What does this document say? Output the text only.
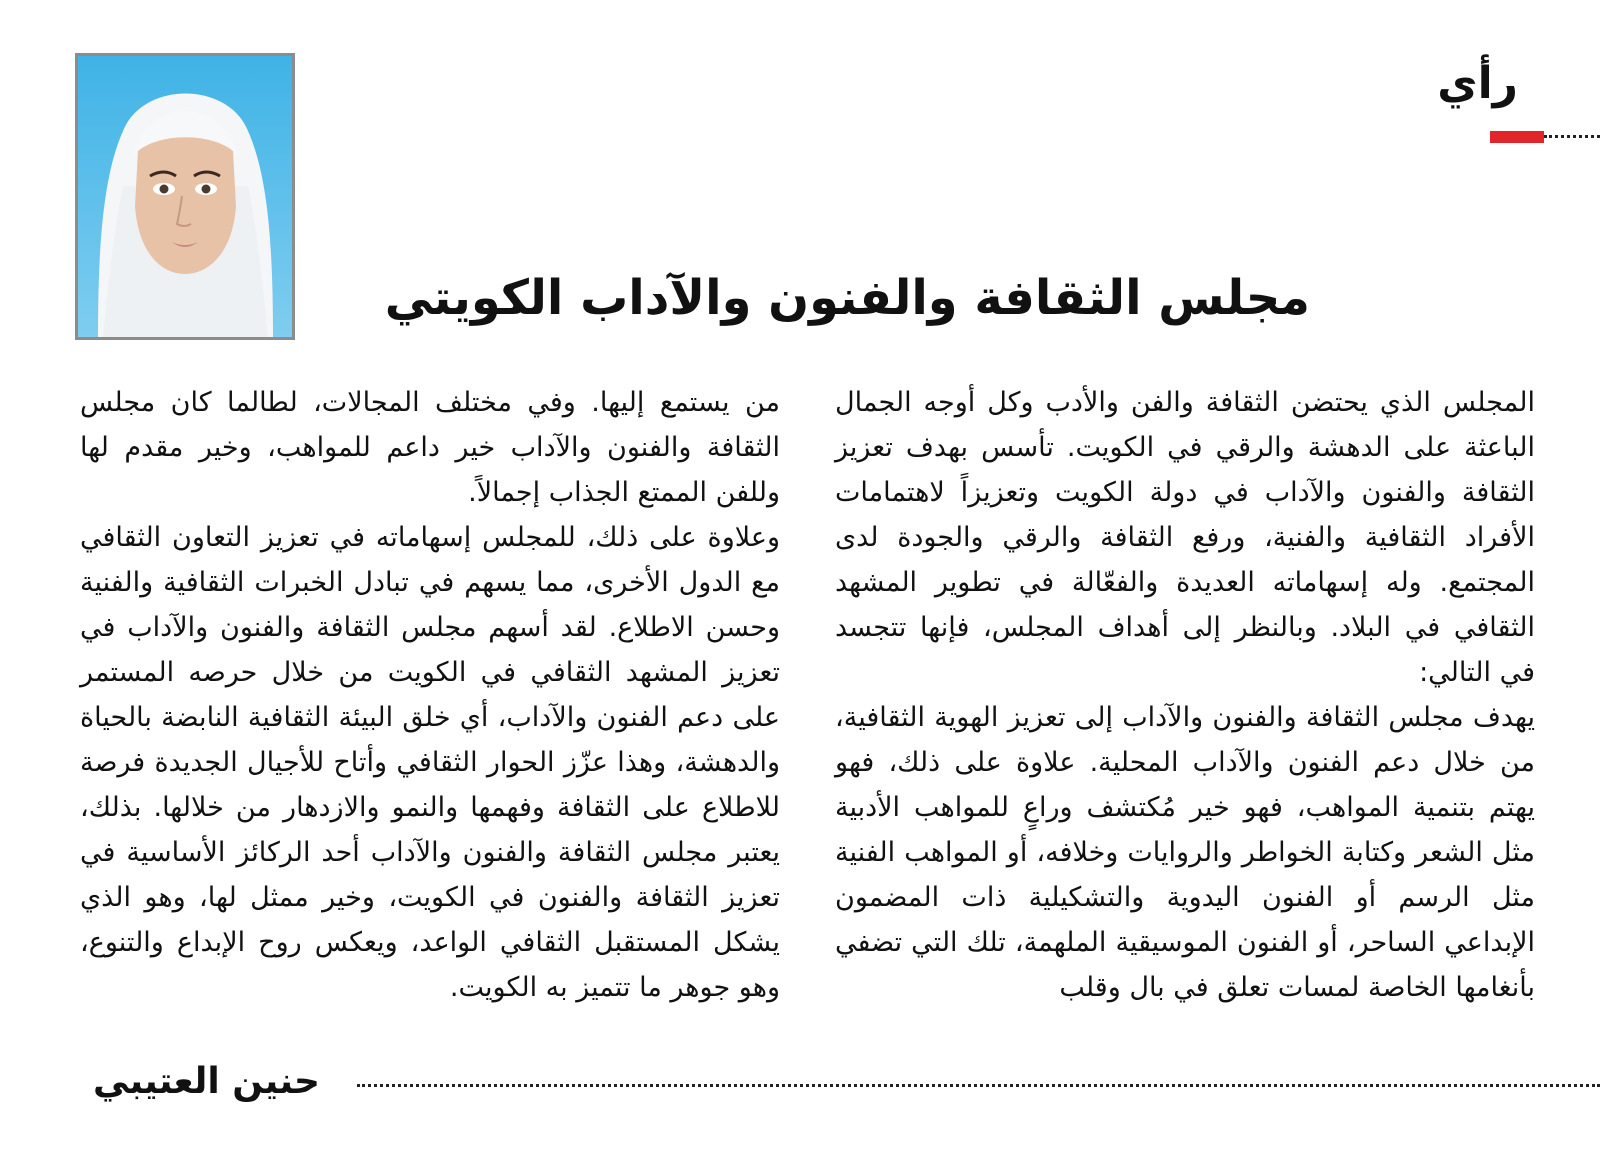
رأي
مجلس الثقافة والفنون والآداب الكويتي

المجلس الذي يحتضن الثقافة والفن والأدب وكل أوجه الجمال الباعثة على الدهشة والرقي في الكويت. تأسس بهدف تعزيز الثقافة والفنون والآداب في دولة الكويت وتعزيزاً لاهتمامات الأفراد الثقافية والفنية، ورفع الثقافة والرقي والجودة لدى المجتمع. وله إسهاماته العديدة والفعّالة في تطوير المشهد الثقافي في البلاد. وبالنظر إلى أهداف المجلس، فإنها تتجسد في التالي:

يهدف مجلس الثقافة والفنون والآداب إلى تعزيز الهوية الثقافية، من خلال دعم الفنون والآداب المحلية. علاوة على ذلك، فهو يهتم بتنمية المواهب، فهو خير مُكتشف وراعٍ للمواهب الأدبية مثل الشعر وكتابة الخواطر والروايات وخلافه، أو المواهب الفنية مثل الرسم أو الفنون اليدوية والتشكيلية ذات المضمون الإبداعي الساحر، أو الفنون الموسيقية الملهمة، تلك التي تضفي بأنغامها الخاصة لمسات تعلق في بال وقلب

من يستمع إليها. وفي مختلف المجالات، لطالما كان مجلس الثقافة والفنون والآداب خير داعم للمواهب، وخير مقدم لها وللفن الممتع الجذاب إجمالاً.

وعلاوة على ذلك، للمجلس إسهاماته في تعزيز التعاون الثقافي مع الدول الأخرى، مما يسهم في تبادل الخبرات الثقافية والفنية وحسن الاطلاع. لقد أسهم مجلس الثقافة والفنون والآداب في تعزيز المشهد الثقافي في الكويت من خلال حرصه المستمر على دعم الفنون والآداب، أي خلق البيئة الثقافية النابضة بالحياة والدهشة، وهذا عزّز الحوار الثقافي وأتاح للأجيال الجديدة فرصة للاطلاع على الثقافة وفهمها والنمو والازدهار من خلالها. بذلك، يعتبر مجلس الثقافة والفنون والآداب أحد الركائز الأساسية في تعزيز الثقافة والفنون في الكويت، وخير ممثل لها، وهو الذي يشكل المستقبل الثقافي الواعد، ويعكس روح الإبداع والتنوع، وهو جوهر ما تتميز به الكويت.

حنين العتيبي
